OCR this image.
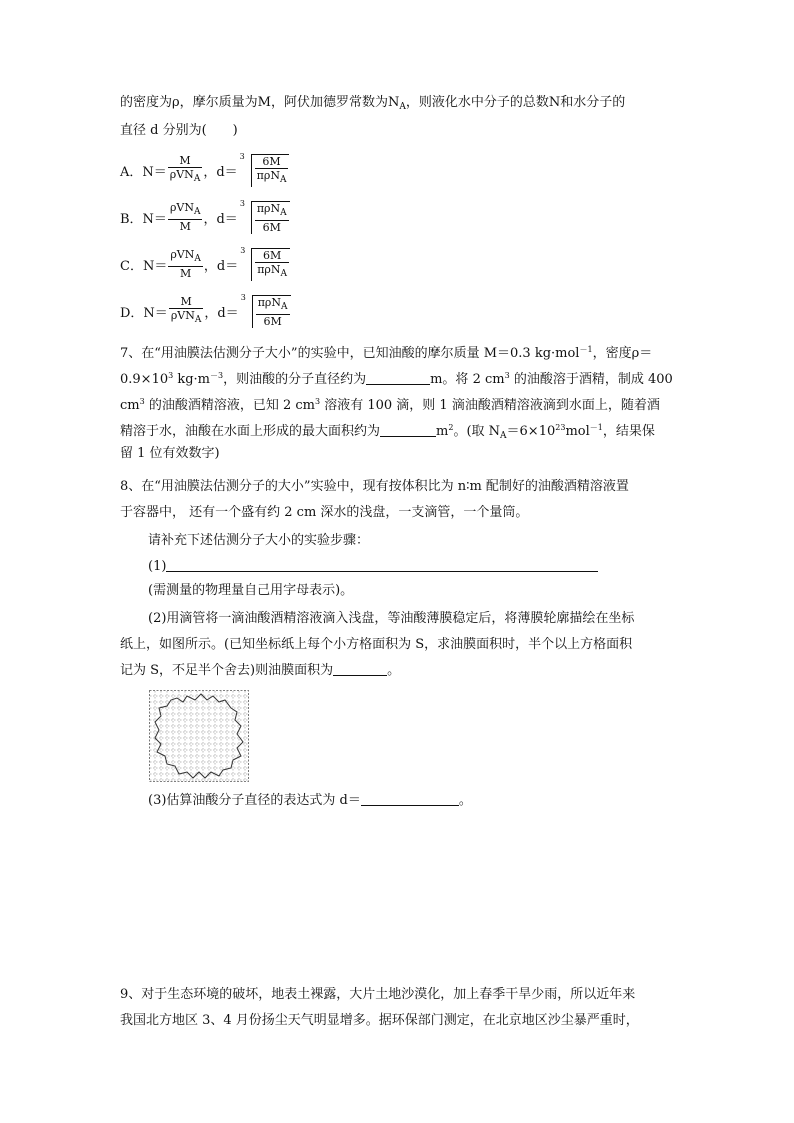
的密度为ρ，摩尔质量为M，阿伏加德罗常数为$N_A$，则液化水中分子的总数N和水分子的
直径 d 分别为(　　)
A．$N= \frac{M}{\rho VN_A}$ ，d＝
$3 \frac{6M}{\pi\rho N_A}$
B．$N= \frac{\rho VN_A}{M}$ ，d＝
$3 \frac{\pi\rho N_A}{6M}$
C．$N= \frac{\rho VN_A}{M}$ ，d＝
$3 \frac{6M}{\pi\rho N_A}$
D．$N= \frac{M}{\rho VN_A}$ ，d＝
$3 \frac{\pi\rho N_A}{6M}$
7、在“用油膜法估测分子大小”的实验中，已知油酸的摩尔质量 M＝0.3 kg·mol$^{-1}$，密度ρ＝
$0.9\times 10^3$ $kg\cdot m^{-3}$，则油酸的分子直径约为	m。将 2 $cm^3$ 的油酸溶于酒精，制成 400
$cm^3$ 的油酸酒精溶液，已知 2 $cm^3$ 溶液有 100 滴，则 1 滴油酸酒精溶液滴到水面上，随着酒
精溶于水，油酸在水面上形成的最大面积约为	$m^2$。(取 $N_A=6\times 10^{23}mol^{-1}$，结果保
留 1 位有效数字)
8、在“用油膜法估测分子的大小”实验中，现有按体积比为 n∶m 配制好的油酸酒精溶液置
于容器中， 还有一个盛有约 2 cm 深水的浅盘，一支滴管，一个量筒。
请补充下述估测分子大小的实验步骤：
(1)
(需测量的物理量自己用字母表示)。
(2)用滴管将一滴油酸酒精溶液滴入浅盘，等油酸薄膜稳定后，将薄膜轮廓描绘在坐标
纸上，如图所示。(已知坐标纸上每个小方格面积为 S，求油膜面积时，半个以上方格面积
记为 S，不足半个舍去)则油膜面积为	。
(3)估算油酸分子直径的表达式为 d＝	。
9、对于生态环境的破坏，地表土裸露，大片土地沙漠化，加上春季干旱少雨，所以近年来
我国北方地区 3、4 月份扬尘天气明显增多。据环保部门测定，在北京地区沙尘暴严重时，
